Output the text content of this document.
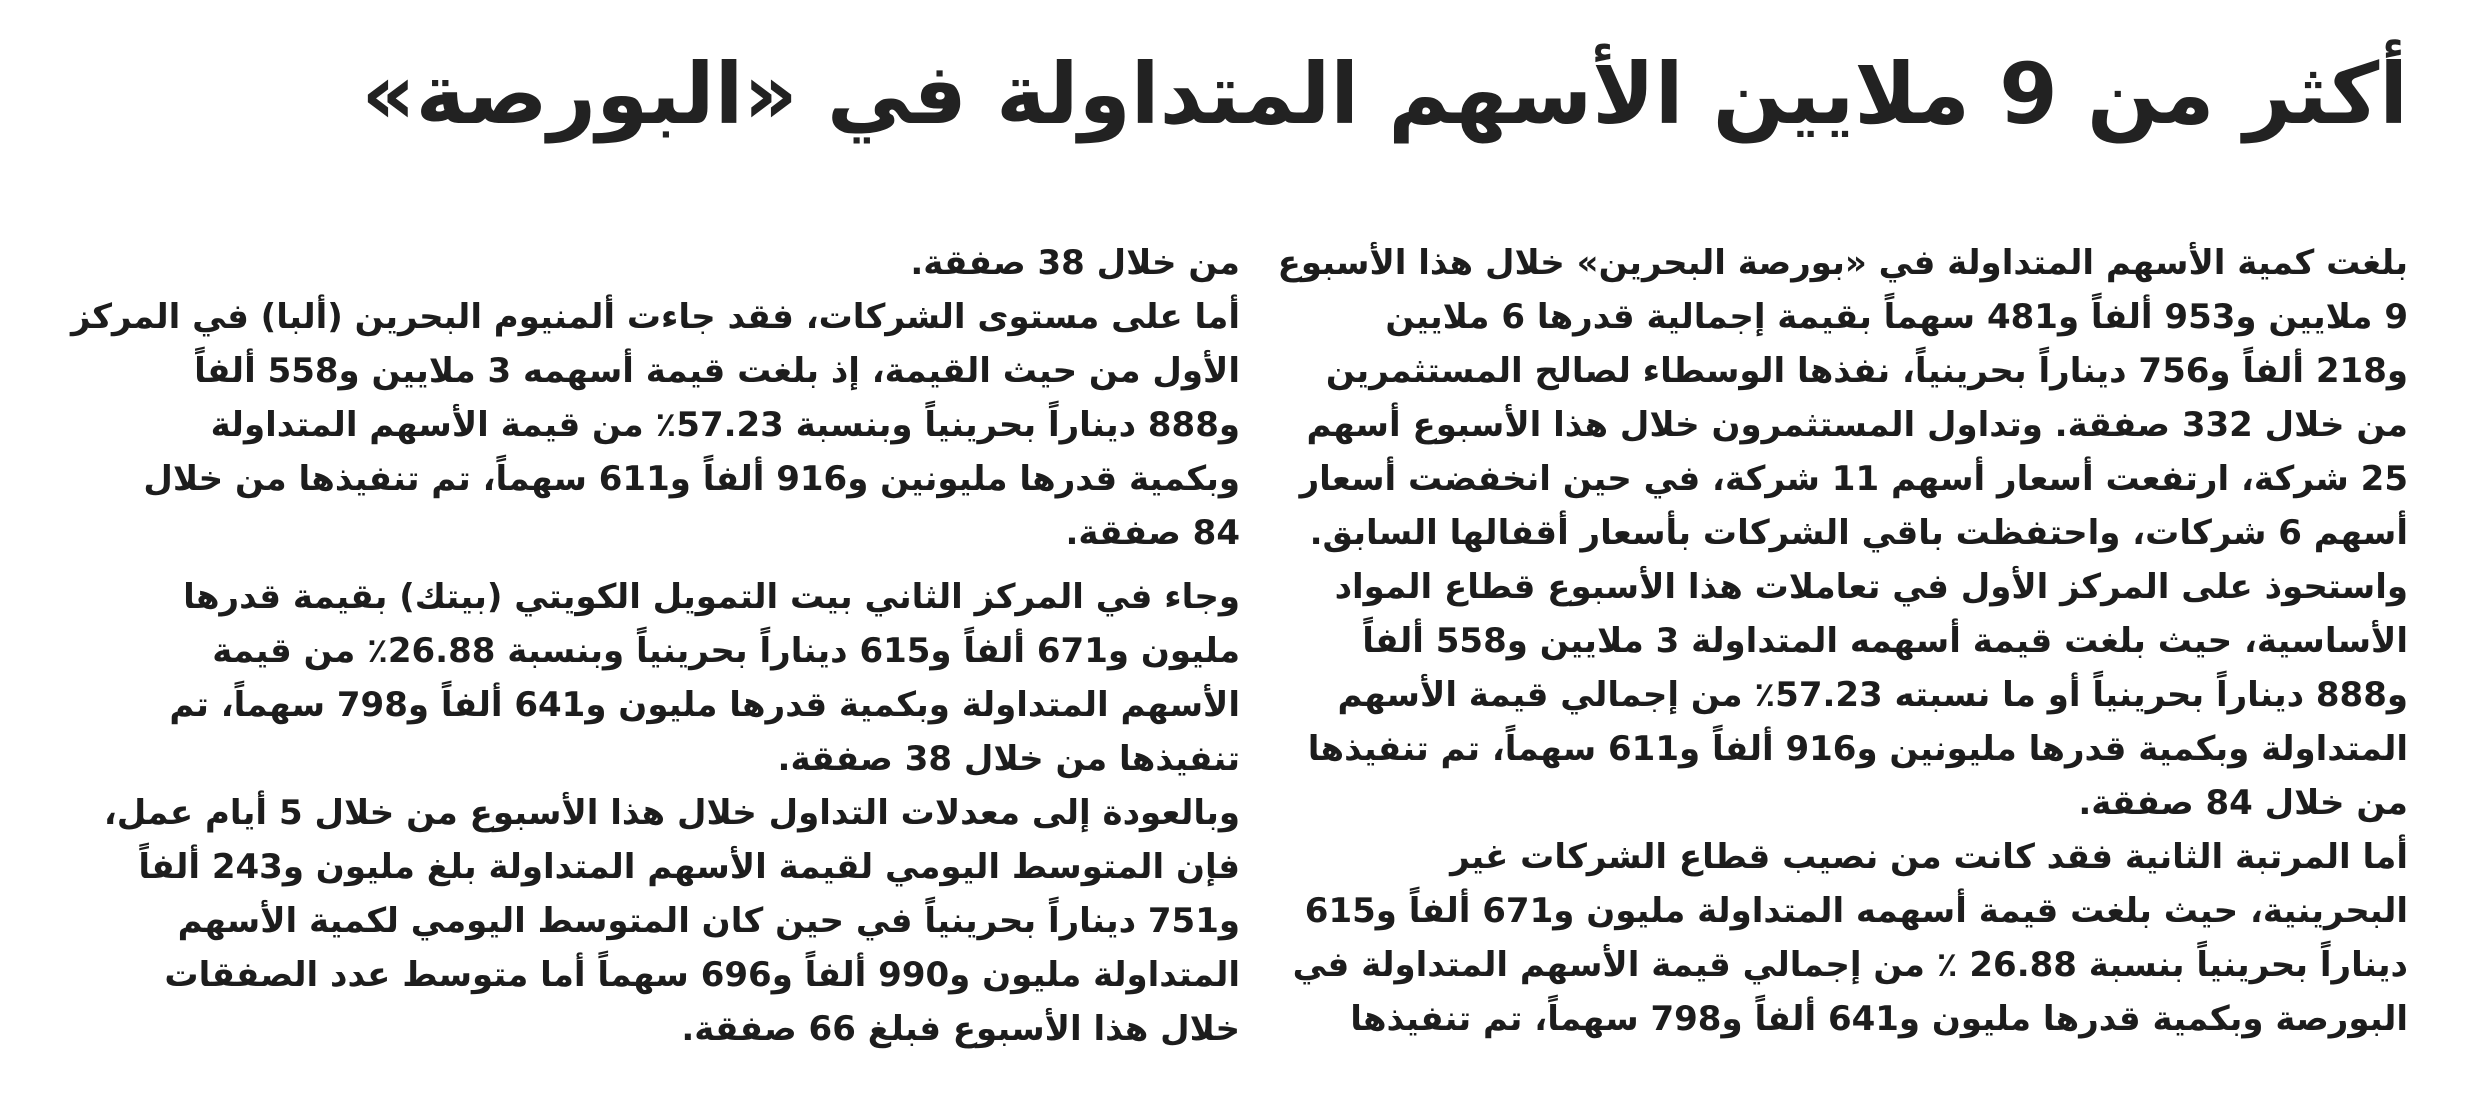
أكثر من 9 ملايين الأسهم المتداولة في «البورصة»
بلغت كمية الأسهم المتداولة في «بورصة البحرين» خلال هذا الأسبوع
9 ملايين و953 ألفاً و481 سهماً بقيمة إجمالية قدرها 6 ملايين
و218 ألفاً و756 ديناراً بحرينياً، نفذها الوسطاء لصالح المستثمرين
من خلال 332 صفقة. وتداول المستثمرون خلال هذا الأسبوع أسهم
25 شركة، ارتفعت أسعار أسهم 11 شركة، في حين انخفضت أسعار
أسهم 6 شركات، واحتفظت باقي الشركات بأسعار أقفالها السابق.
واستحوذ على المركز الأول في تعاملات هذا الأسبوع قطاع المواد
الأساسية، حيث بلغت قيمة أسهمه المتداولة 3 ملايين و558 ألفاً
و888 ديناراً بحرينياً أو ما نسبته 57.23٪ من إجمالي قيمة الأسهم
المتداولة وبكمية قدرها مليونين و916 ألفاً و611 سهماً، تم تنفيذها
من خلال 84 صفقة.
أما المرتبة الثانية فقد كانت من نصيب قطاع الشركات غير
البحرينية، حيث بلغت قيمة أسهمه المتداولة مليون و671 ألفاً و615
ديناراً بحرينياً بنسبة 26.88 ٪ من إجمالي قيمة الأسهم المتداولة في
البورصة وبكمية قدرها مليون و641 ألفاً و798 سهماً، تم تنفيذها
من خلال 38 صفقة.
أما على مستوى الشركات، فقد جاءت ألمنيوم البحرين (ألبا) في المركز
الأول من حيث القيمة، إذ بلغت قيمة أسهمه 3 ملايين و558 ألفاً
و888 ديناراً بحرينياً وبنسبة 57.23٪ من قيمة الأسهم المتداولة
وبكمية قدرها مليونين و916 ألفاً و611 سهماً، تم تنفيذها من خلال
84 صفقة.
وجاء في المركز الثاني بيت التمويل الكويتي (بيتك) بقيمة قدرها
مليون و671 ألفاً و615 ديناراً بحرينياً وبنسبة 26.88٪ من قيمة
الأسهم المتداولة وبكمية قدرها مليون و641 ألفاً و798 سهماً، تم
تنفيذها من خلال 38 صفقة.
وبالعودة إلى معدلات التداول خلال هذا الأسبوع من خلال 5 أيام عمل،
فإن المتوسط اليومي لقيمة الأسهم المتداولة بلغ مليون و243 ألفاً
و751 ديناراً بحرينياً في حين كان المتوسط اليومي لكمية الأسهم
المتداولة مليون و990 ألفاً و696 سهماً أما متوسط عدد الصفقات
خلال هذا الأسبوع فبلغ 66 صفقة.
